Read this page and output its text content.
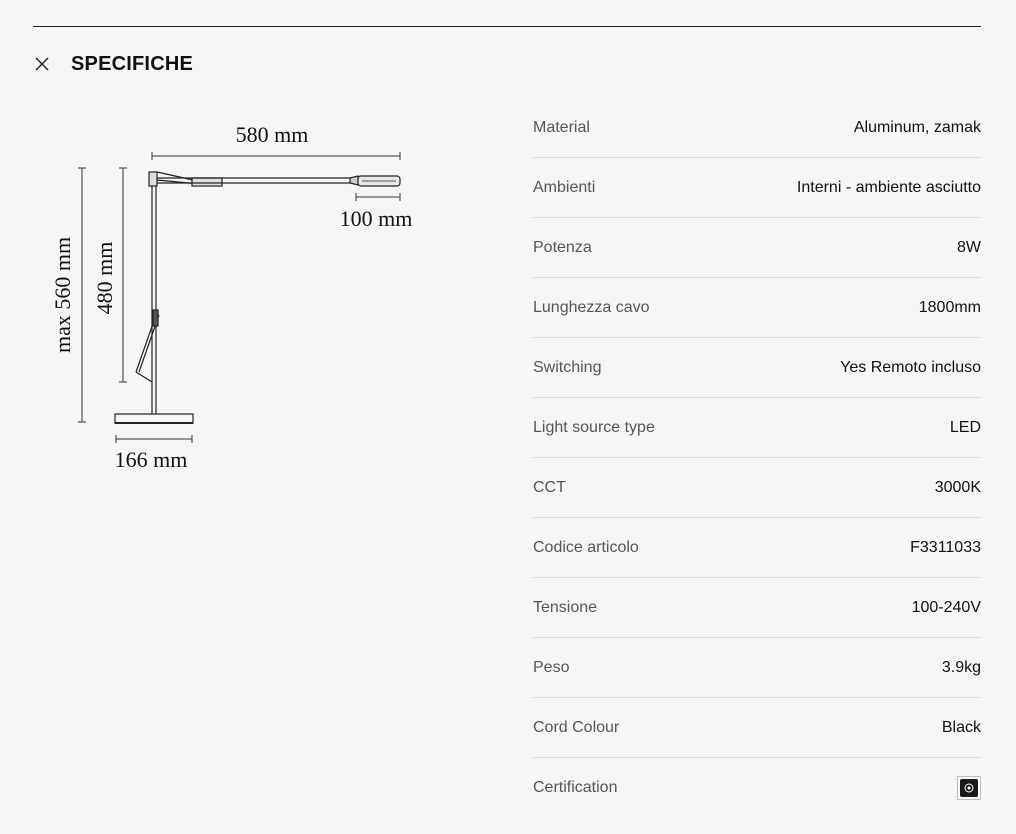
SPECIFICHE
580 mm
100 mm
max 560 mm 480 mm
166 mm
Material	Aluminum, zamak
Ambienti	Interni - ambiente asciutto
Potenza	8W
Lunghezza cavo	1800mm
Switching	Yes Remoto incluso
Light source type	LED
CCT	3000K
Codice articolo	F3311033
Tensione	100-240V
Peso	3.9kg
Cord Colour	Black
Certification
